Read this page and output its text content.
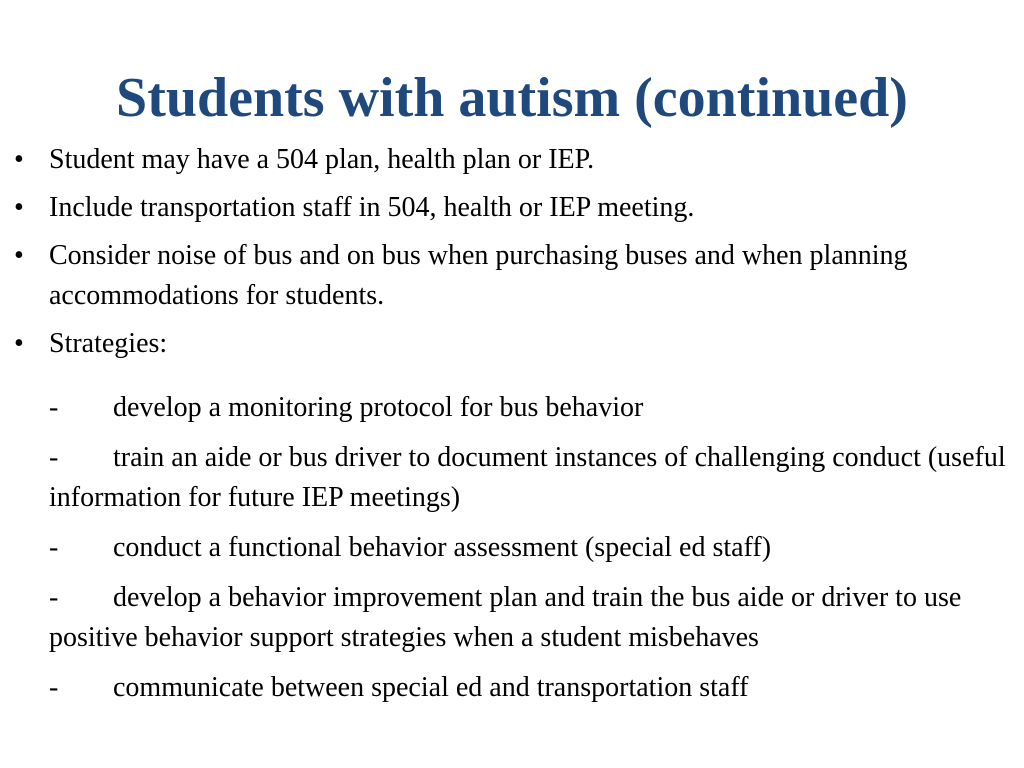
Students with autism (continued)
• Student may have a 504 plan, health plan or IEP.
• Include transportation staff in 504, health or IEP meeting.
• Consider noise of bus and on bus when purchasing buses and when planning accommodations for students.
• Strategies:
- develop a monitoring protocol for bus behavior
- train an aide or bus driver to document instances of challenging conduct (useful information for future IEP meetings)
- conduct a functional behavior assessment (special ed staff)
- develop a behavior improvement plan and train the bus aide or driver to use positive behavior support strategies when a student misbehaves
- communicate between special ed and transportation staff
